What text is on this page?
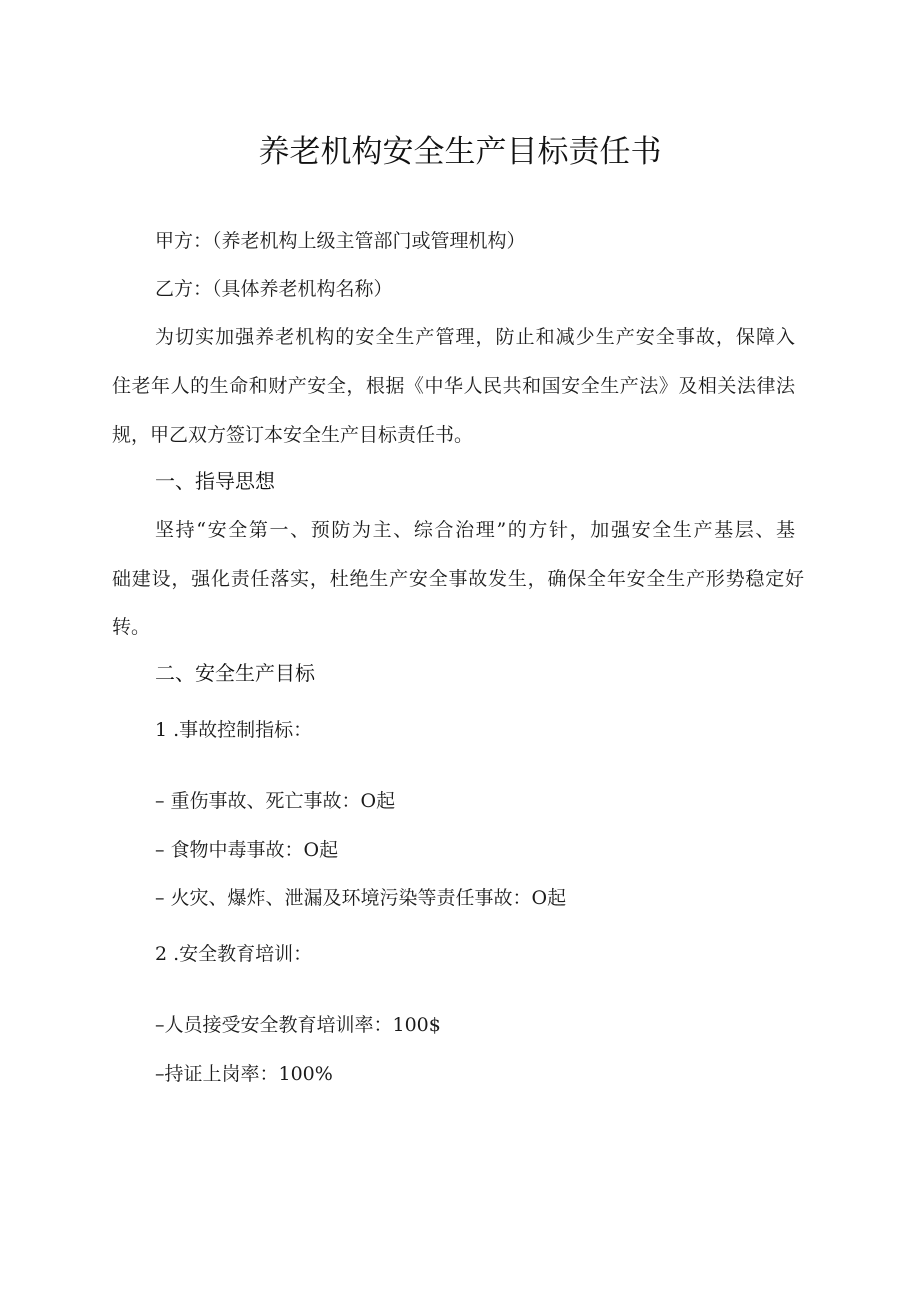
养老机构安全生产目标责任书
甲方：（养老机构上级主管部门或管理机构）
乙方：（具体养老机构名称）
为切实加强养老机构的安全生产管理，防止和减少生产安全事故，保障入
住老年人的生命和财产安全，根据《中华人民共和国安全生产法》及相关法律法
规，甲乙双方签订本安全生产目标责任书。
一、指导思想
坚持“安全第一、预防为主、综合治理”的方针，加强安全生产基层、基
础建设，强化责任落实，杜绝生产安全事故发生，确保全年安全生产形势稳定好
转。
二、安全生产目标
1 .事故控制指标：
– 重伤事故、死亡事故：O起
– 食物中毒事故：O起
– 火灾、爆炸、泄漏及环境污染等责任事故：O起
2 .安全教育培训：
–人员接受安全教育培训率：100$
–持证上岗率：100%
